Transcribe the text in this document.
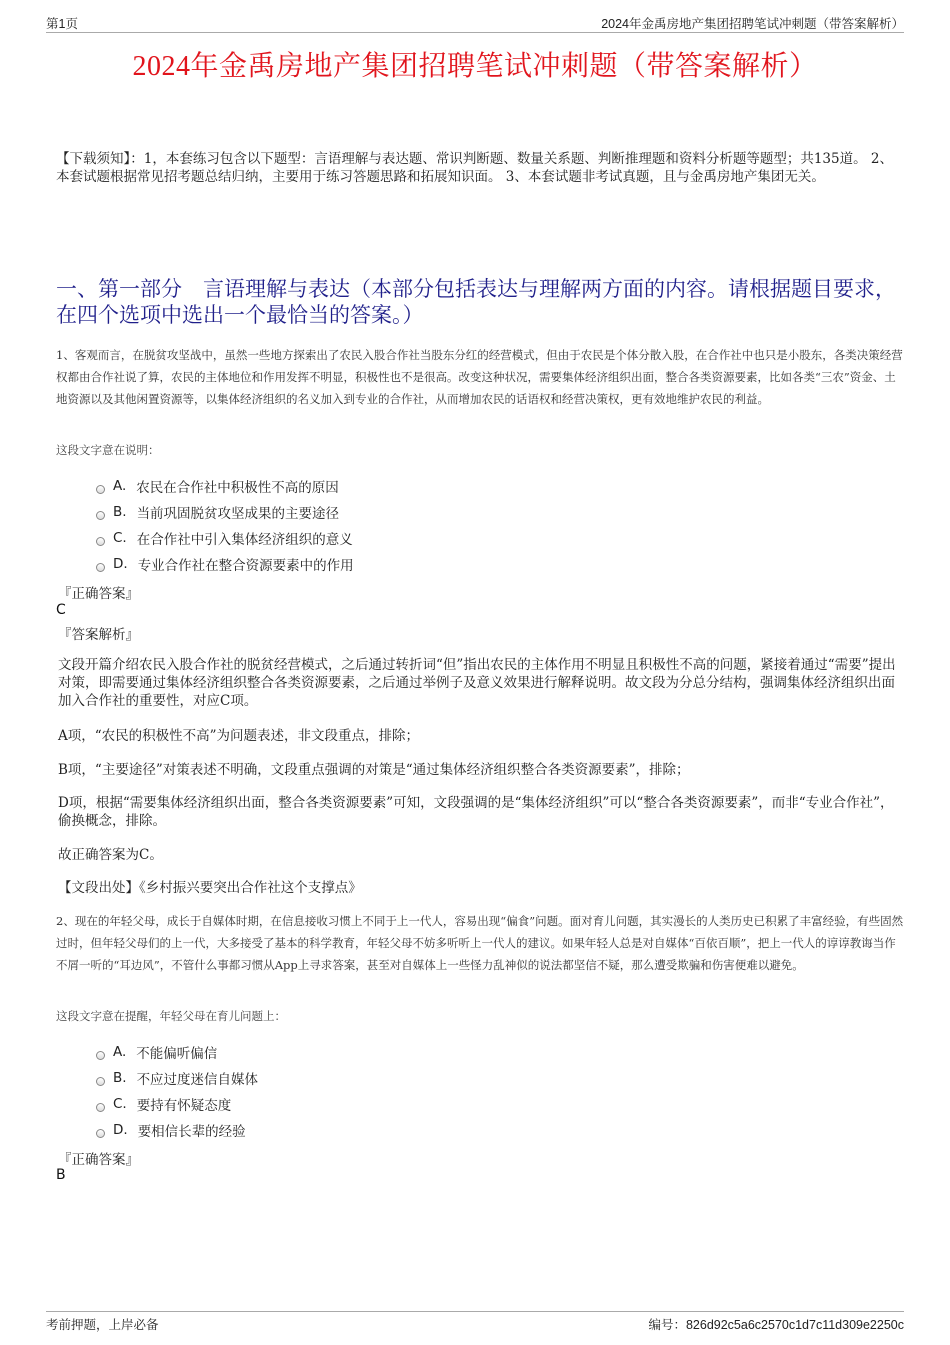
第1页	2024年金禹房地产集团招聘笔试冲刺题（带答案解析）
2024年金禹房地产集团招聘笔试冲刺题（带答案解析）
【下载须知】：1，本套练习包含以下题型：言语理解与表达题、常识判断题、数量关系题、判断推理题和资料分析题等题型；共135道。 2、本套试题根据常见招考题总结归纳，主要用于练习答题思路和拓展知识面。 3、本套试题非考试真题，且与金禹房地产集团无关。
一、第一部分　言语理解与表达（本部分包括表达与理解两方面的内容。请根据题目要求，在四个选项中选出一个最恰当的答案。）
1、客观而言，在脱贫攻坚战中，虽然一些地方探索出了农民入股合作社当股东分红的经营模式，但由于农民是个体分散入股，在合作社中也只是小股东，各类决策经营权都由合作社说了算，农民的主体地位和作用发挥不明显，积极性也不是很高。改变这种状况，需要集体经济组织出面，整合各类资源要素，比如各类“三农”资金、土地资源以及其他闲置资源等，以集体经济组织的名义加入到专业的合作社，从而增加农民的话语权和经营决策权，更有效地维护农民的利益。
这段文字意在说明：
A. 农民在合作社中积极性不高的原因
B. 当前巩固脱贫攻坚成果的主要途径
C. 在合作社中引入集体经济组织的意义
D. 专业合作社在整合资源要素中的作用
『正确答案』
C
『答案解析』
文段开篇介绍农民入股合作社的脱贫经营模式，之后通过转折词“但”指出农民的主体作用不明显且积极性不高的问题，紧接着通过“需要”提出对策，即需要通过集体经济组织整合各类资源要素，之后通过举例子及意义效果进行解释说明。故文段为分总分结构，强调集体经济组织出面加入合作社的重要性，对应C项。
A项，“农民的积极性不高”为问题表述，非文段重点，排除；
B项，“主要途径”对策表述不明确，文段重点强调的对策是“通过集体经济组织整合各类资源要素”，排除；
D项，根据“需要集体经济组织出面，整合各类资源要素”可知，文段强调的是“集体经济组织”可以“整合各类资源要素”，而非“专业合作社”，偷换概念，排除。
故正确答案为C。
【文段出处】《乡村振兴要突出合作社这个支撑点》
2、现在的年轻父母，成长于自媒体时期，在信息接收习惯上不同于上一代人，容易出现“偏食”问题。面对育儿问题，其实漫长的人类历史已积累了丰富经验，有些固然过时，但年轻父母们的上一代，大多接受了基本的科学教育，年轻父母不妨多听听上一代人的建议。如果年轻人总是对自媒体“百依百顺”，把上一代人的谆谆教诲当作不屑一听的“耳边风”，不管什么事都习惯从App上寻求答案，甚至对自媒体上一些怪力乱神似的说法都坚信不疑，那么遭受欺骗和伤害便难以避免。
这段文字意在提醒，年轻父母在育儿问题上：
A. 不能偏听偏信
B. 不应过度迷信自媒体
C. 要持有怀疑态度
D. 要相信长辈的经验
『正确答案』
B
考前押题，上岸必备	编号：826d92c5a6c2570c1d7c11d309e2250c
